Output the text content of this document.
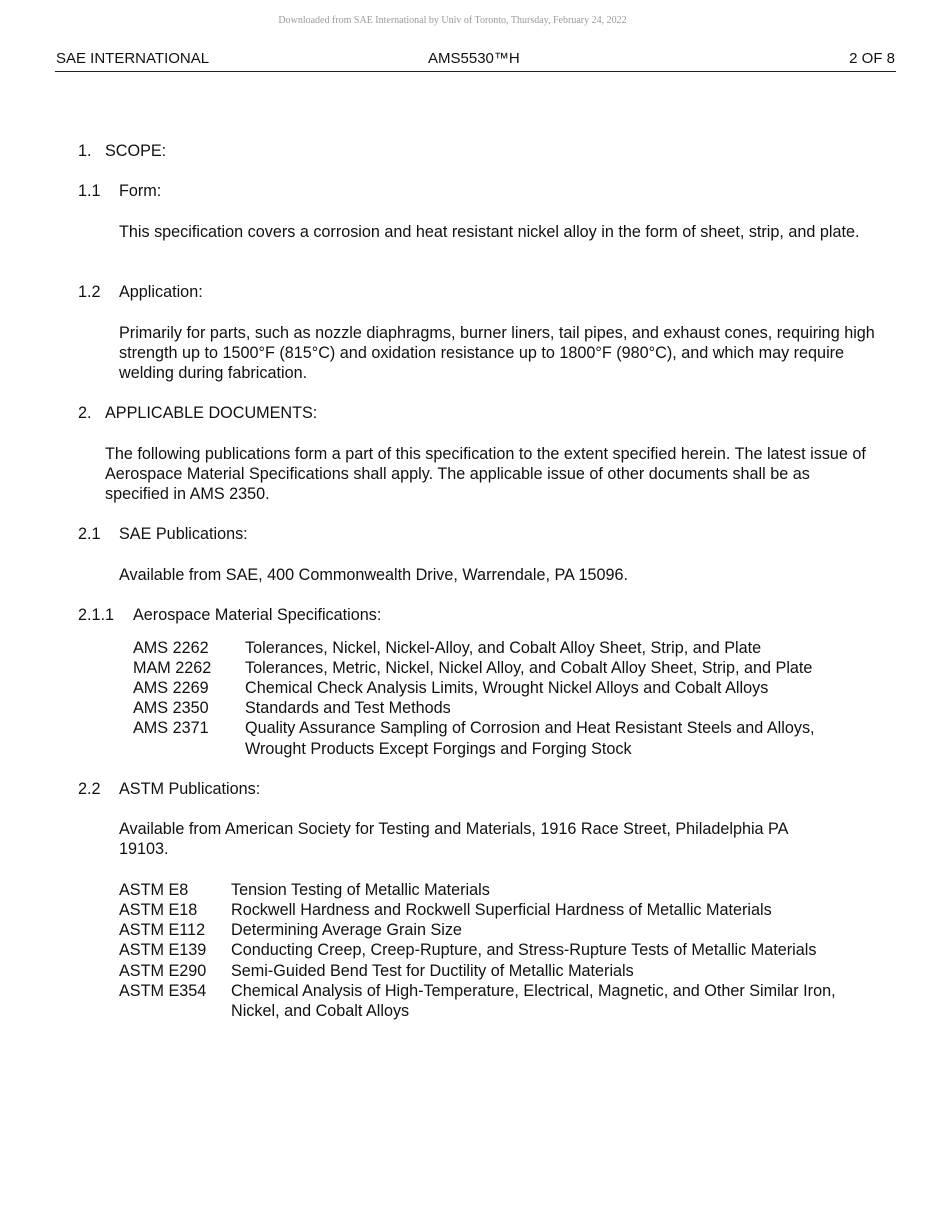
Downloaded from SAE International by Univ of Toronto, Thursday, February 24, 2022
SAE INTERNATIONAL	AMS5530™H	2 OF 8
1. SCOPE:
1.1 Form:
This specification covers a corrosion and heat resistant nickel alloy in the form of sheet, strip, and plate.
1.2 Application:
Primarily for parts, such as nozzle diaphragms, burner liners, tail pipes, and exhaust cones, requiring high strength up to 1500°F (815°C) and oxidation resistance up to 1800°F (980°C), and which may require welding during fabrication.
2. APPLICABLE DOCUMENTS:
The following publications form a part of this specification to the extent specified herein. The latest issue of Aerospace Material Specifications shall apply. The applicable issue of other documents shall be as specified in AMS 2350.
2.1 SAE Publications:
Available from SAE, 400 Commonwealth Drive, Warrendale, PA 15096.
2.1.1 Aerospace Material Specifications:
AMS 2262 Tolerances, Nickel, Nickel-Alloy, and Cobalt Alloy Sheet, Strip, and Plate
MAM 2262 Tolerances, Metric, Nickel, Nickel Alloy, and Cobalt Alloy Sheet, Strip, and Plate
AMS 2269 Chemical Check Analysis Limits, Wrought Nickel Alloys and Cobalt Alloys
AMS 2350 Standards and Test Methods
AMS 2371 Quality Assurance Sampling of Corrosion and Heat Resistant Steels and Alloys,
Wrought Products Except Forgings and Forging Stock
2.2 ASTM Publications:
Available from American Society for Testing and Materials, 1916 Race Street, Philadelphia PA 19103.
ASTM E8	Tension Testing of Metallic Materials
ASTM E18 Rockwell Hardness and Rockwell Superficial Hardness of Metallic Materials
ASTM E112 Determining Average Grain Size
ASTM E139 Conducting Creep, Creep-Rupture, and Stress-Rupture Tests of Metallic Materials
ASTM E290 Semi-Guided Bend Test for Ductility of Metallic Materials
ASTM E354 Chemical Analysis of High-Temperature, Electrical, Magnetic, and Other Similar Iron,
Nickel, and Cobalt Alloys
